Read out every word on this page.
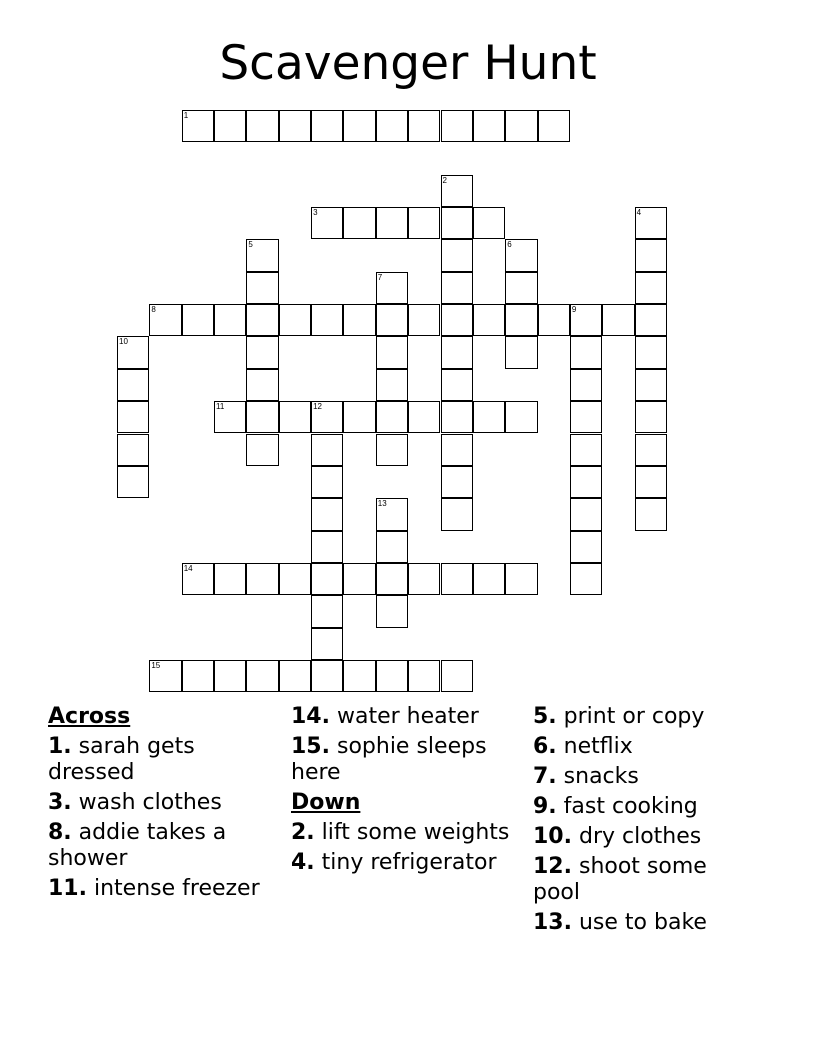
Scavenger Hunt
1
2
3	4
5	6
7
8	9
10
11	12
13
14
15
Across
1. sarah gets dressed
3. wash clothes
8. addie takes a shower
11. intense freezer
14. water heater
15. sophie sleeps here
Down
2. lift some weights
4. tiny refrigerator
5. print or copy
6. netflix
7. snacks
9. fast cooking
10. dry clothes
12. shoot some pool
13. use to bake
